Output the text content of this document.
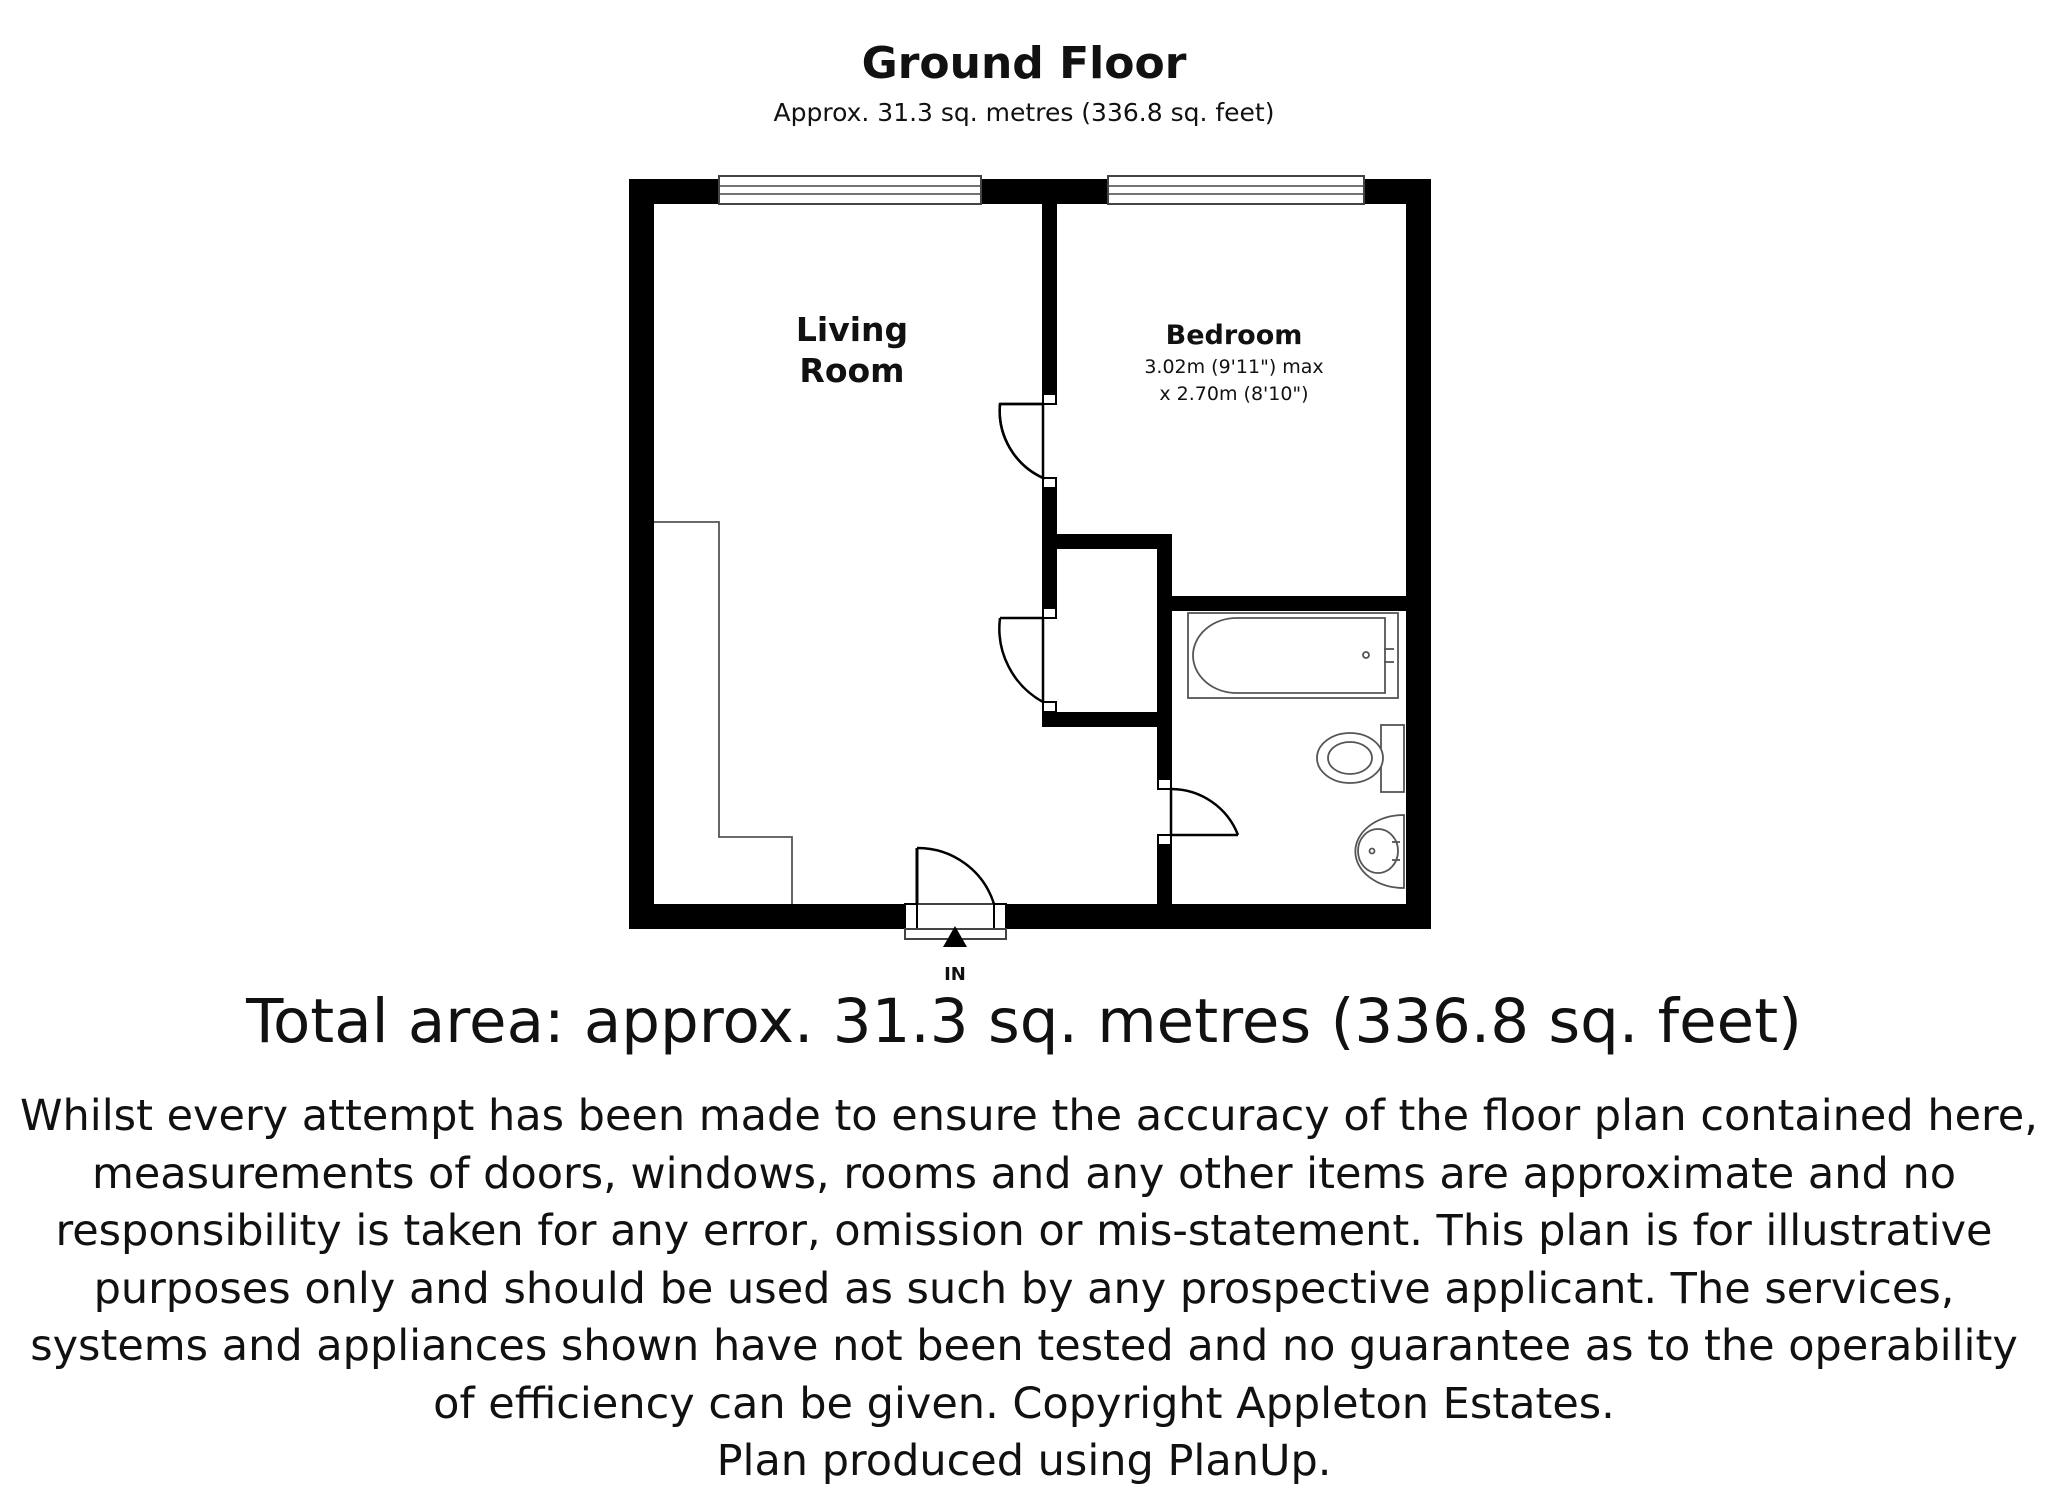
Ground Floor
Approx. 31.3 sq. metres (336.8 sq. feet)
IN
Living
Room
Bedroom
3.02m (9'11") max
x 2.70m (8'10")
Total area: approx. 31.3 sq. metres (336.8 sq. feet)
Whilst every attempt has been made to ensure the accuracy of the floor plan contained here,
measurements of doors, windows, rooms and any other items are approximate and no
responsibility is taken for any error, omission or mis-statement. This plan is for illustrative
purposes only and should be used as such by any prospective applicant. The services,
systems and appliances shown have not been tested and no guarantee as to the operability
of efficiency can be given. Copyright Appleton Estates.
Plan produced using PlanUp.
